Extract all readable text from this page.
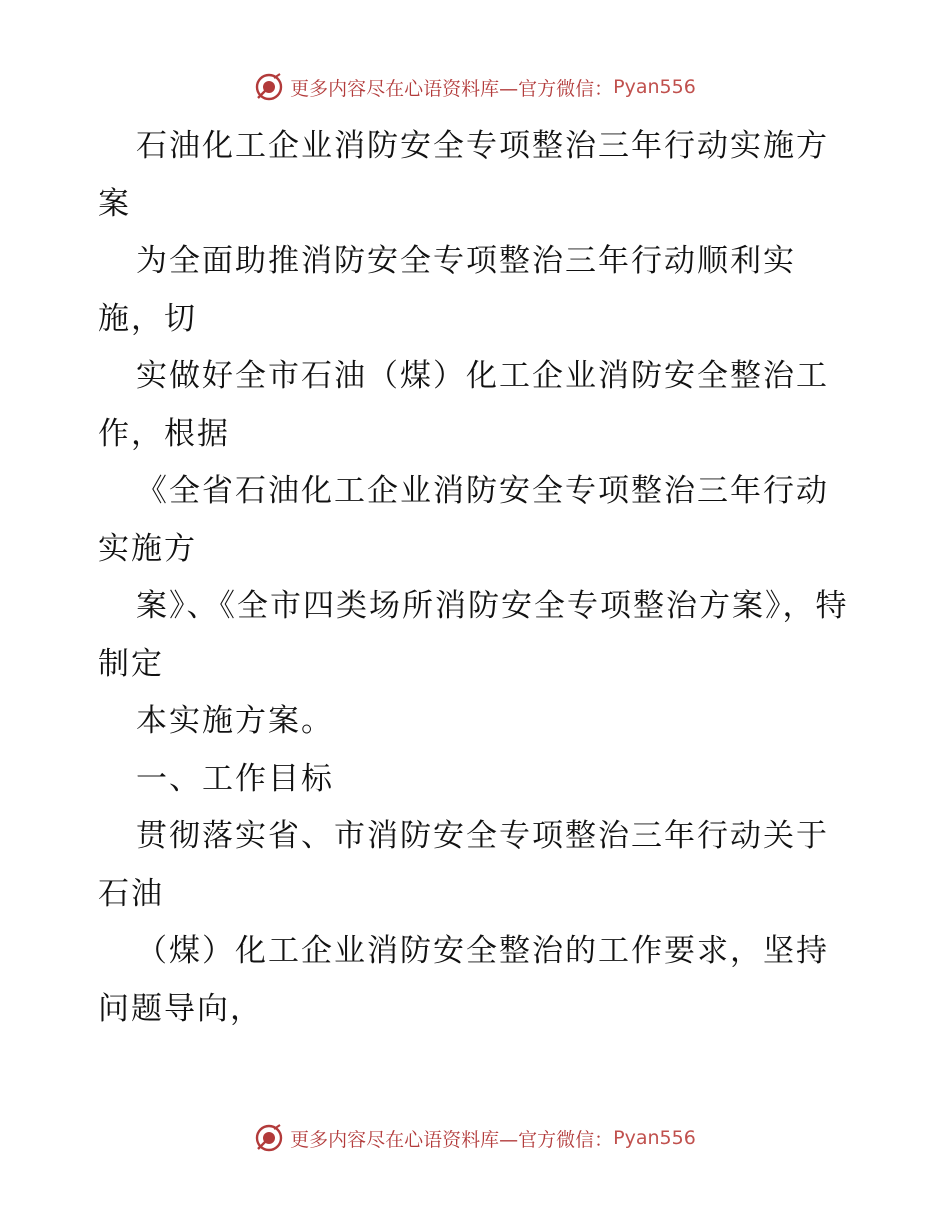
更多内容尽在心语资料库—官方微信： Pyan556

石油化工企业消防安全专项整治三年行动实施方案

为全面助推消防安全专项整治三年行动顺利实施，切

实做好全市石油（煤）化工企业消防安全整治工作，根据

《全省石油化工企业消防安全专项整治三年行动实施方

案》、《全市四类场所消防安全专项整治方案》，特制定

本实施方案。

一、工作目标

贯彻落实省、市消防安全专项整治三年行动关于石油

（煤）化工企业消防安全整治的工作要求，坚持问题导向，

更多内容尽在心语资料库—官方微信： Pyan556
